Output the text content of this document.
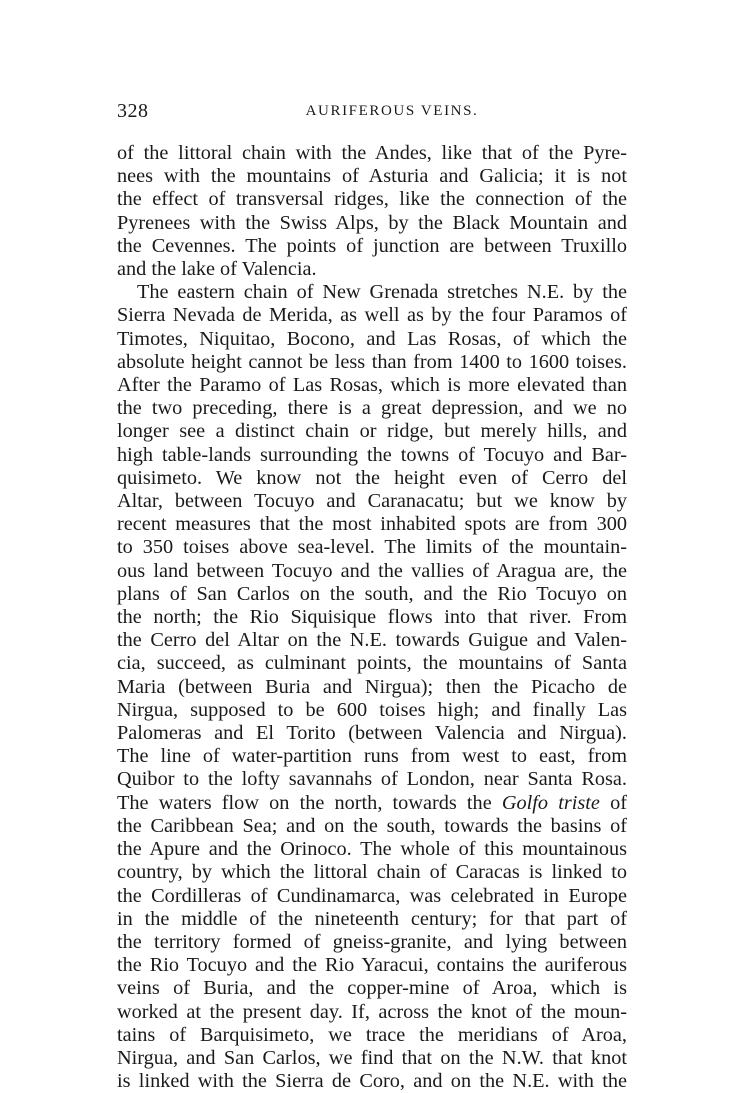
328	AURIFEROUS VEINS.
of the littoral chain with the Andes, like that of the Pyre-
nees with the mountains of Asturia and Galicia; it is not
the effect of transversal ridges, like the connection of the
Pyrenees with the Swiss Alps, by the Black Mountain and
the Cevennes. The points of junction are between Truxillo
and the lake of Valencia.
The eastern chain of New Grenada stretches N.E. by the
Sierra Nevada de Merida, as well as by the four Paramos of
Timotes, Niquitao, Bocono, and Las Rosas, of which the
absolute height cannot be less than from 1400 to 1600 toises.
After the Paramo of Las Rosas, which is more elevated than
the two preceding, there is a great depression, and we no
longer see a distinct chain or ridge, but merely hills, and
high table-lands surrounding the towns of Tocuyo and Bar-
quisimeto. We know not the height even of Cerro del
Altar, between Tocuyo and Caranacatu; but we know by
recent measures that the most inhabited spots are from 300
to 350 toises above sea-level. The limits of the mountain-
ous land between Tocuyo and the vallies of Aragua are, the
plans of San Carlos on the south, and the Rio Tocuyo on
the north; the Rio Siquisique flows into that river. From
the Cerro del Altar on the N.E. towards Guigue and Valen-
cia, succeed, as culminant points, the mountains of Santa
Maria (between Buria and Nirgua); then the Picacho de
Nirgua, supposed to be 600 toises high; and finally Las
Palomeras and El Torito (between Valencia and Nirgua).
The line of water-partition runs from west to east, from
Quibor to the lofty savannahs of London, near Santa Rosa.
The waters flow on the north, towards the Golfo triste of
the Caribbean Sea; and on the south, towards the basins of
the Apure and the Orinoco. The whole of this mountainous
country, by which the littoral chain of Caracas is linked to
the Cordilleras of Cundinamarca, was celebrated in Europe
in the middle of the nineteenth century; for that part of
the territory formed of gneiss-granite, and lying between
the Rio Tocuyo and the Rio Yaracui, contains the auriferous
veins of Buria, and the copper-mine of Aroa, which is
worked at the present day. If, across the knot of the moun-
tains of Barquisimeto, we trace the meridians of Aroa,
Nirgua, and San Carlos, we find that on the N.W. that knot
is linked with the Sierra de Coro, and on the N.E. with the
